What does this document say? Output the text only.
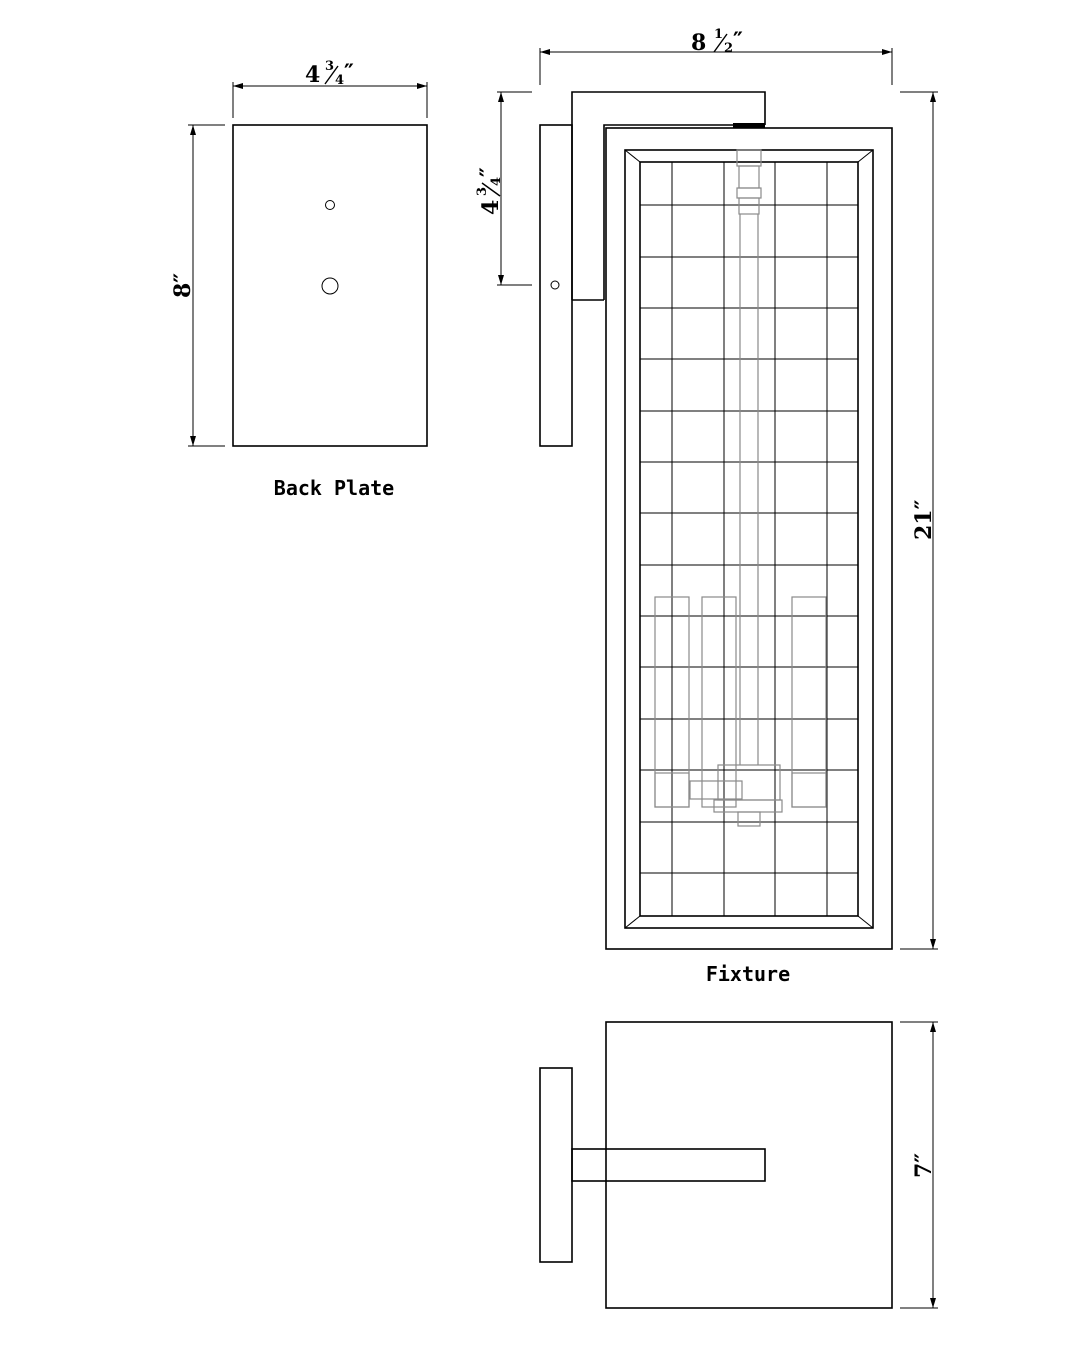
4 3
4 ″
8″
Back Plate
8 1
2 ″
4
3
4
″
21″
Fixture
7″
